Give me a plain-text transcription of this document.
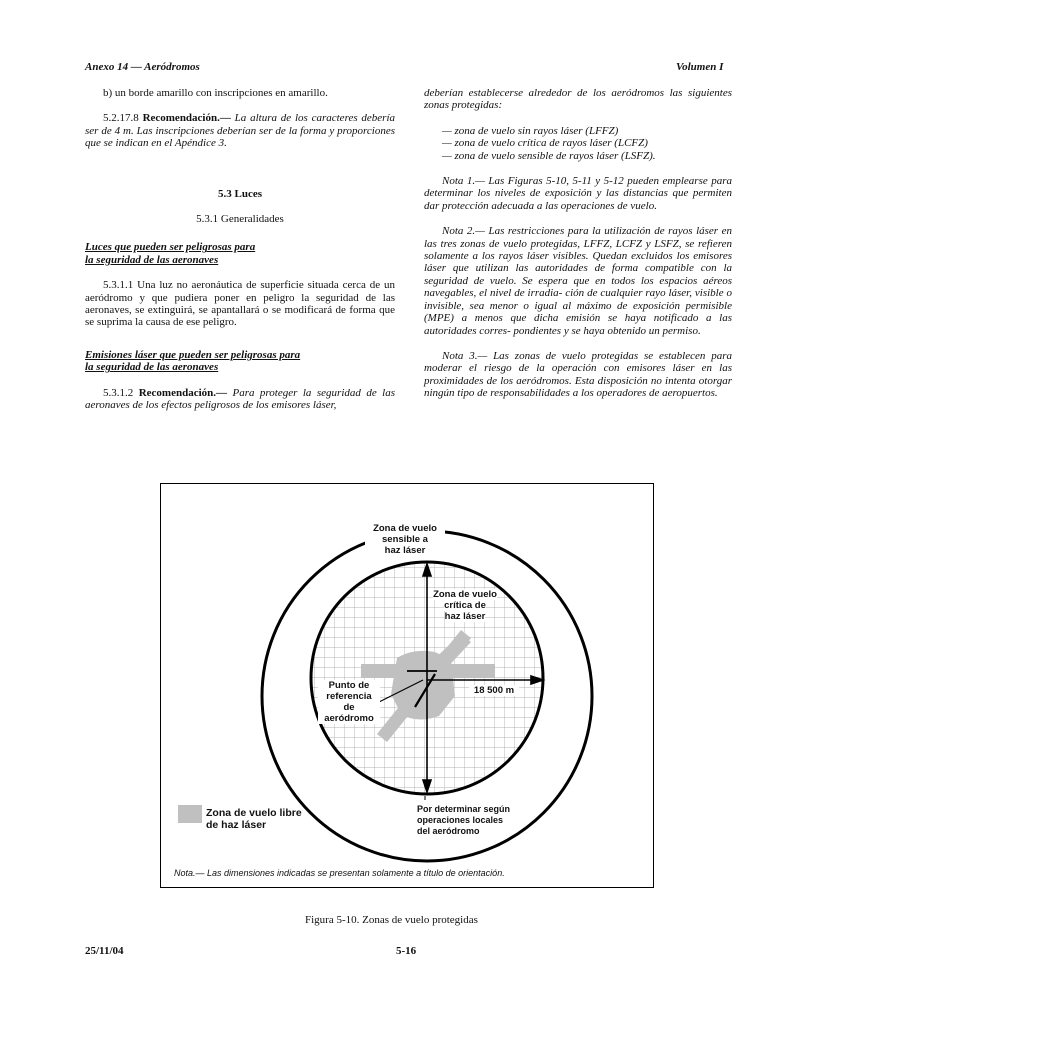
Anexo 14 — Aeródromos	Volumen I

b) un borde amarillo con inscripciones en amarillo.

5.2.17.8 Recomendación.— La altura de los caracteres debería ser de 4 m. Las inscripciones deberían ser de la forma y proporciones que se indican en el Apéndice 3.

5.3 Luces

5.3.1 Generalidades

Luces que pueden ser peligrosas para
la seguridad de las aeronaves

5.3.1.1 Una luz no aeronáutica de superficie situada cerca de un aeródromo y que pudiera poner en peligro la seguridad de las aeronaves, se extinguirá, se apantallará o se modificará de forma que se suprima la causa de ese peligro.

Emisiones láser que pueden ser peligrosas para
la seguridad de las aeronaves

5.3.1.2 Recomendación.— Para proteger la seguridad de las aeronaves de los efectos peligrosos de los emisores láser,

deberían establecerse alrededor de los aeródromos las siguientes zonas protegidas:

— zona de vuelo sin rayos láser (LFFZ)

— zona de vuelo crítica de rayos láser (LCFZ)

— zona de vuelo sensible de rayos láser (LSFZ).

Nota 1.— Las Figuras 5-10, 5-11 y 5-12 pueden emplearse para determinar los niveles de exposición y las distancias que permiten dar protección adecuada a las operaciones de vuelo.

Nota 2.— Las restricciones para la utilización de rayos láser en las tres zonas de vuelo protegidas, LFFZ, LCFZ y LSFZ, se refieren solamente a los rayos láser visibles. Quedan excluidos los emisores láser que utilizan las autoridades de forma compatible con la seguridad de vuelo. Se espera que en todos los espacios aéreos navegables, el nivel de irradia- ción de cualquier rayo láser, visible o invisible, sea menor o igual al máximo de exposición permisible (MPE) a menos que dicha emisión se haya notificado a las autoridades corres- pondientes y se haya obtenido un permiso.

Nota 3.— Las zonas de vuelo protegidas se establecen para moderar el riesgo de la operación con emisores láser en las proximidades de los aeródromos. Esta disposición no intenta otorgar ningún tipo de responsabilidades a los operadores de aeropuertos.

Zona de vuelo
sensible a
haz láser
Zona de vuelo
crítica de
haz láser
18 500 m
Punto de
referencia
de
aeródromo
Por determinar según
operaciones locales
del aeródromo
Zona de vuelo libre
de haz láser
Nota.— Las dimensiones indicadas se presentan solamente a título de orientación.
Figura 5-10. Zonas de vuelo protegidas
25/11/04	5-16
